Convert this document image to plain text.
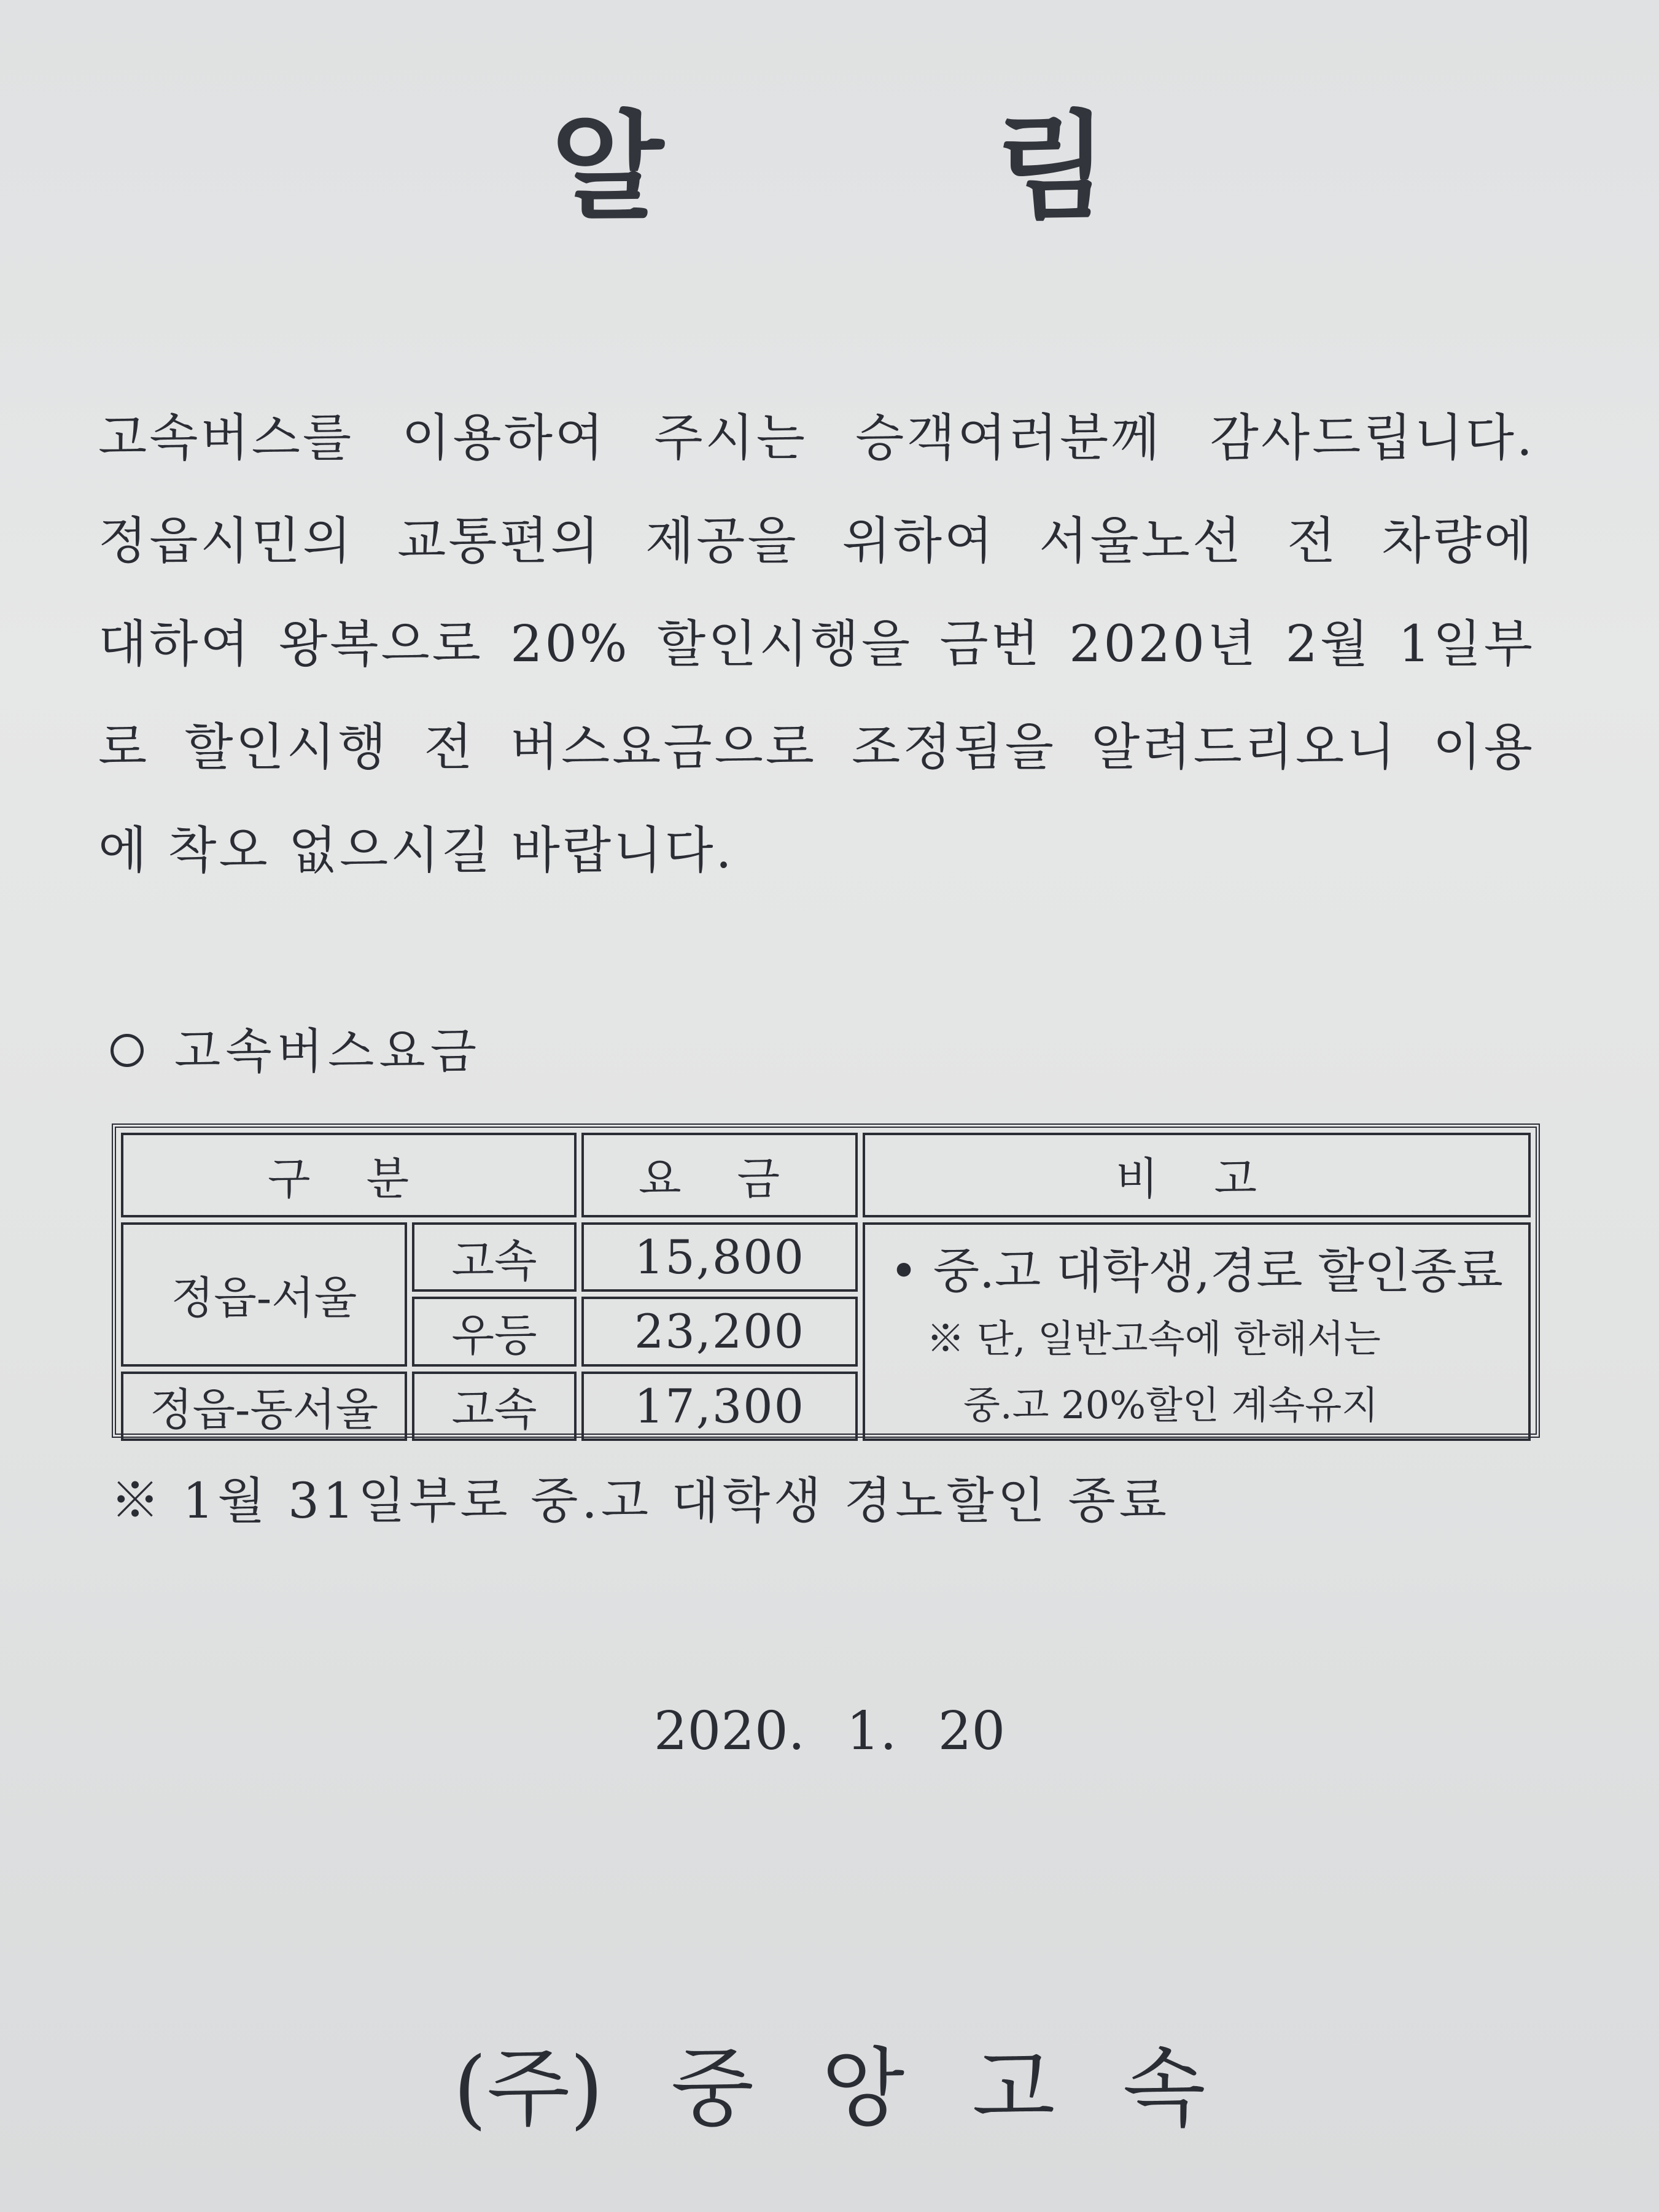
알	림
고속버스를 이용하여 주시는 승객여러분께 감사드립니다.
정읍시민의 교통편의 제공을 위하여 서울노선 전 차량에
대하여 왕복으로 20% 할인시행을 금번 2020년 2월 1일부
로 할인시행 전 버스요금으로 조정됨을 알려드리오니 이용
에 착오 없으시길 바랍니다.
고속버스요금
구 분		요 금	비 고
정읍-서울	고속	15,800	• 중.고 대학생,경로 할인종료
※ 단, 일반고속에 한해서는
중.고 20%할인 계속유지

	우등	23,200	
정읍-동서울	고속	17,300	
※ 1월 31일부로 중.고 대학생 경노할인 종료
2020. 1. 20
(주) 중 앙 고 속
